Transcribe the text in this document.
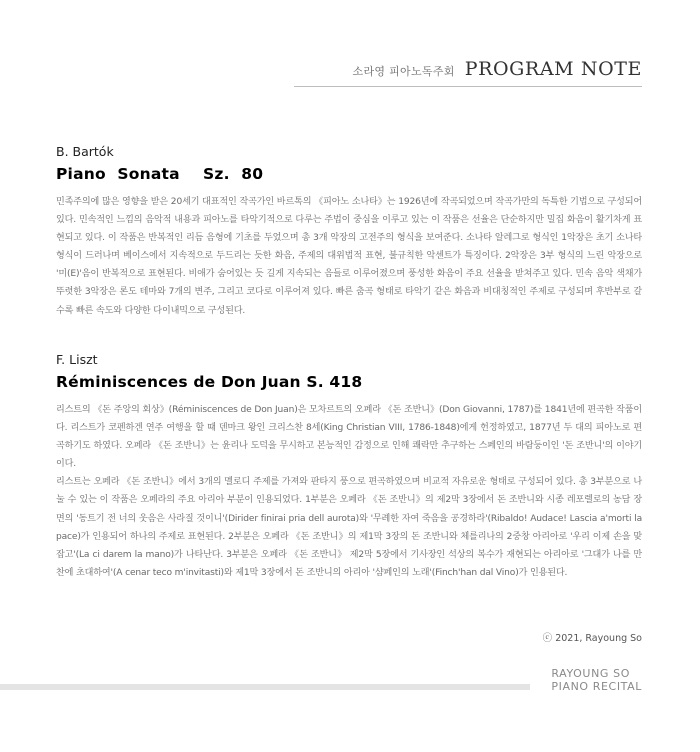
소라영 피아노독주회 PROGRAM NOTE

B. Bartók

Piano Sonata  Sz. 80

민족주의에 많은 영향을 받은 20세기 대표적인 작곡가인 바르톡의 《피아노 소나타》는 1926년에 작곡되었으며 작곡가만의 독특한 기법으로 구성되어 있다. 민속적인 느낌의 음악적 내용과 피아노를 타악기적으로 다루는 주법이 중심을 이루고 있는 이 작품은 선율은 단순하지만 밀집 화음이 활기차게 표현되고 있다. 이 작품은 반복적인 리듬 음형에 기초를 두었으며 총 3개 악장의 고전주의 형식을 보여준다. 소나타 알레그로 형식인 1악장은 초기 소나타 형식이 드러나며 베이스에서 지속적으로 두드리는 듯한 화음, 주제의 대위법적 표현, 불규칙한 악센트가 특징이다. 2악장은 3부 형식의 느린 악장으로 '미(E)'음이 반복적으로 표현된다. 비애가 숨어있는 듯 길게 지속되는 음들로 이루어졌으며 풍성한 화음이 주요 선율을 받쳐주고 있다. 민속 음악 색채가 뚜렷한 3악장은 론도 테마와 7개의 변주, 그리고 코다로 이루어져 있다. 빠른 춤곡 형태로 타악기 같은 화음과 비대칭적인 주제로 구성되며 후반부로 갈수록 빠른 속도와 다양한 다이내믹으로 구성된다.

F. Liszt

Réminiscences de Don Juan S. 418

리스트의 《돈 주앙의 회상》(Réminiscences de Don Juan)은 모차르트의 오페라 《돈 조반니》(Don Giovanni, 1787)를 1841년에 편곡한 작품이다. 리스트가 코펜하겐 연주 여행을 할 때 덴마크 왕인 크리스찬 8세(King Christian VIII, 1786-1848)에게 헌정하였고, 1877년 두 대의 피아노로 편곡하기도 하였다. 오페라 《돈 조반니》는 윤리나 도덕을 무시하고 본능적인 감정으로 인해 쾌락만 추구하는 스페인의 바람둥이인 '돈 조반니'의 이야기이다.

리스트는 오페라 《돈 조반니》에서 3개의 멜로디 주제를 가져와 판타지 풍으로 편곡하였으며 비교적 자유로운 형태로 구성되어 있다. 총 3부분으로 나눌 수 있는 이 작품은 오페라의 주요 아리아 부분이 인용되었다. 1부분은 오페라 《돈 조반니》의 제2막 3장에서 돈 조반니와 시종 레포렐로의 농담 장면의 '동트기 전 너의 웃음은 사라질 것이니'(Dirider finirai pria dell aurota)와 '무례한 자여 죽음을 공경하라'(Ribaldo! Audace! Lascia a'morti la pace)가 인용되어 하나의 주제로 표현된다. 2부분은 오페라 《돈 조반니》의 제1막 3장의 돈 조반니와 체를리나의 2중창 아리아로 '우리 이제 손을 맞잡고'(La ci darem la mano)가 나타난다. 3부분은 오페라 《돈 조반니》 제2막 5장에서 기사장인 석상의 복수가 재현되는 아리아로 '그대가 나를 만찬에 초대하여'(A cenar teco m'invitasti)와 제1막 3장에서 돈 조반니의 아리아 '샴페인의 노래'(Finch'han dal Vino)가 인용된다.

ⓒ 2021, Rayoung So
RAYOUNG SO
PIANO RECITAL
